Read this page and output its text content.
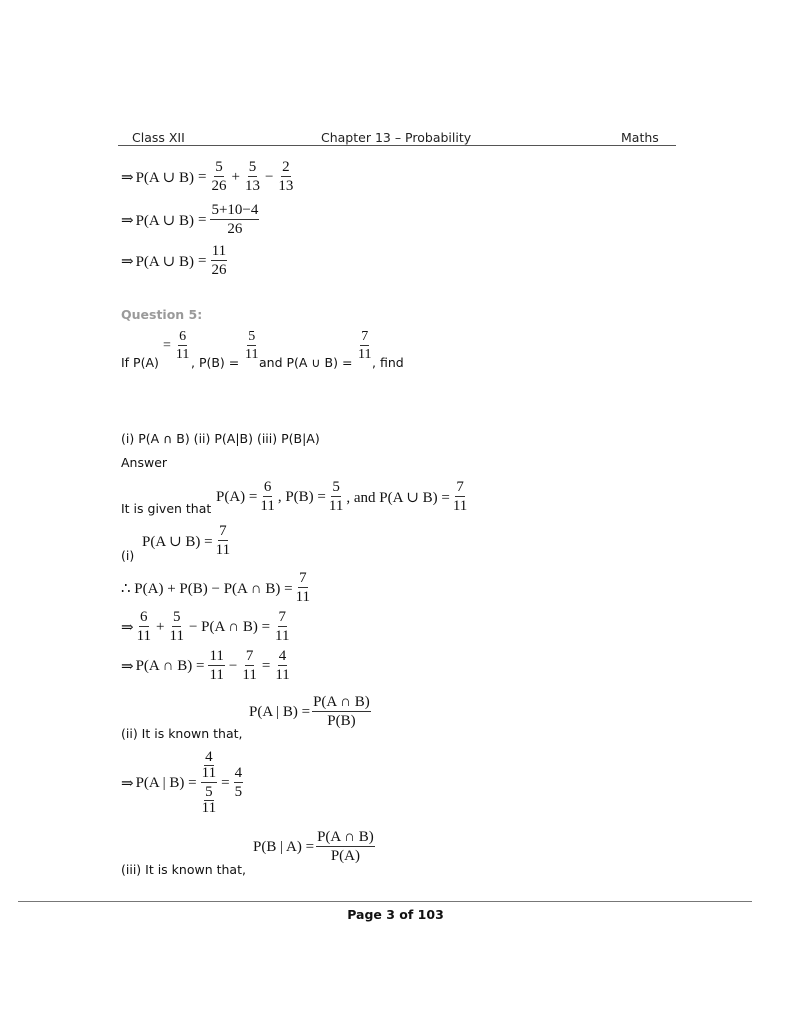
Class XII	Chapter 13 – Probability	Maths
⇒ P(A ∪ $B) = \frac{5}{26} + \frac{5}{13} - \frac{2}{13}$
⇒ P(A ∪ $B) = \frac{5+10-4}{26}$
⇒ P(A ∪ $B) = \frac{11}{26}$
Question 5:
If P(A)
= $\frac{6}{11}$
, P(B) =
$\frac{5}{11}$
and P(A ∪ B) =
$\frac{7}{11}$
, find
(i) P(A ∩ B) (ii) P(A|B) (iii) P(B|A)
Answer
It is given that
$P(A) = \frac{6}{11}$ , $P(B) = \frac{5}{11}$ , and P(A ∪ $B) = \frac{7}{11}$
(i)
P(A ∪ $B) = \frac{7}{11}$
∴ P(A) + P(B) − P(A ∩ $B) = \frac{7}{11}$
⇒ $\frac{6}{11} + \frac{5}{11} - P(A$ ∩ $B) = \frac{7}{11}$
⇒ P(A ∩ $B) = \frac{11}{11} - \frac{7}{11} = \frac{4}{11}$
(ii) It is known that,
P(A | $B) = \frac{P(A \cap B)}{P(B)}$
⇒ P(A | B) = 4
11
5
$11 = \frac{4}{5}$
(iii) It is known that,
P(B | $A) = \frac{P(A \cap B)}{P(A)}$
Page 3 of 103
